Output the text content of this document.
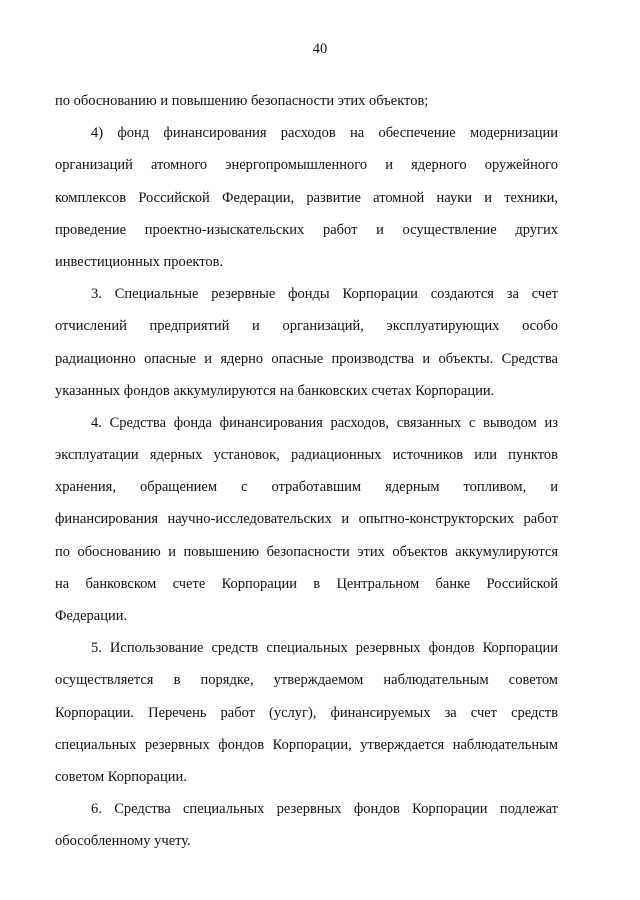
40
по обоснованию и повышению безопасности этих объектов;
4) фонд финансирования расходов на обеспечение модернизации
организаций атомного энергопромышленного и ядерного оружейного
комплексов Российской Федерации, развитие атомной науки и техники,
проведение проектно-изыскательских работ и осуществление других
инвестиционных проектов.
3. Специальные резервные фонды Корпорации создаются за счет
отчислений предприятий и организаций, эксплуатирующих особо
радиационно опасные и ядерно опасные производства и объекты. Средства
указанных фондов аккумулируются на банковских счетах Корпорации.
4. Средства фонда финансирования расходов, связанных с выводом из
эксплуатации ядерных установок, радиационных источников или пунктов
хранения, обращением с отработавшим ядерным топливом, и
финансирования научно-исследовательских и опытно-конструкторских работ
по обоснованию и повышению безопасности этих объектов аккумулируются
на банковском счете Корпорации в Центральном банке Российской
Федерации.
5. Использование средств специальных резервных фондов Корпорации
осуществляется в порядке, утверждаемом наблюдательным советом
Корпорации. Перечень работ (услуг), финансируемых за счет средств
специальных резервных фондов Корпорации, утверждается наблюдательным
советом Корпорации.
6. Средства специальных резервных фондов Корпорации подлежат
обособленному учету.
